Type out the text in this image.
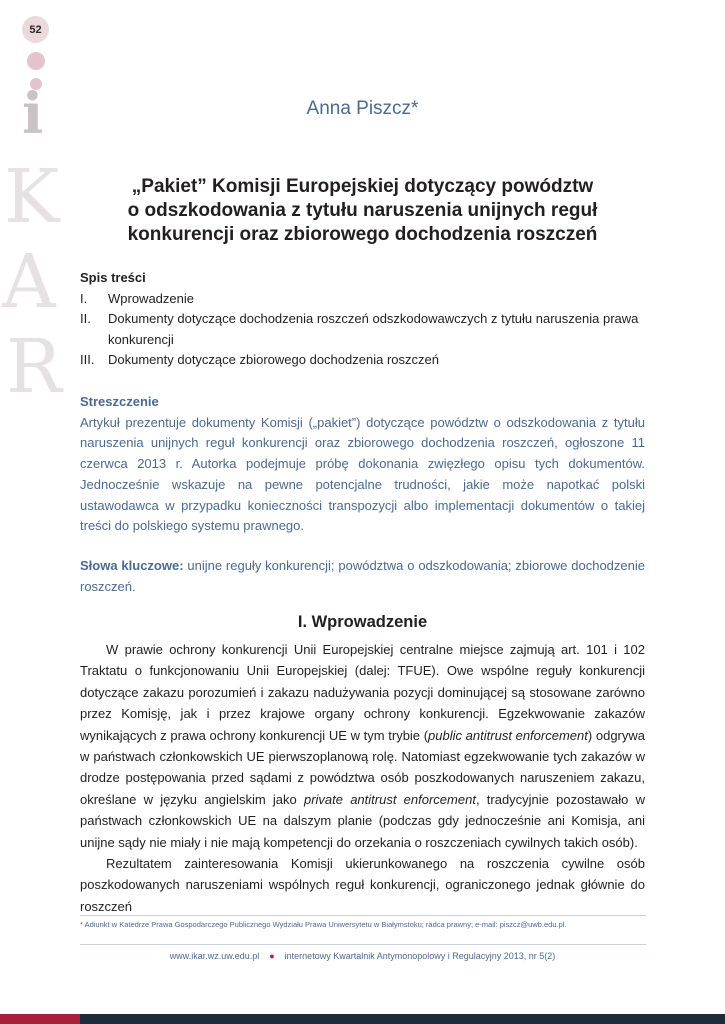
52
i
K
A
R
Anna Piszcz*
„Pakiet” Komisji Europejskiej dotyczący powództw
o odszkodowania z tytułu naruszenia unijnych reguł
konkurencji oraz zbiorowego dochodzenia roszczeń
Spis treści
I.	Wprowadzenie
II.	Dokumenty dotyczące dochodzenia roszczeń odszkodowawczych z tytułu naruszenia prawa konkurencji
III.	Dokumenty dotyczące zbiorowego dochodzenia roszczeń
Streszczenie
Artykuł prezentuje dokumenty Komisji („pakiet”) dotyczące powództw o odszkodowania z tytułu naruszenia unijnych reguł konkurencji oraz zbiorowego dochodzenia roszczeń, ogłoszone 11 czerwca 2013 r. Autorka podejmuje próbę dokonania zwięzłego opisu tych dokumentów. Jednocześnie wskazuje na pewne potencjalne trudności, jakie może napotkać polski ustawodawca w przypadku konieczności transpozycji albo implementacji dokumentów o takiej treści do polskiego systemu prawnego.
Słowa kluczowe: unijne reguły konkurencji; powództwa o odszkodowania; zbiorowe dochodzenie roszczeń.
I. Wprowadzenie

W prawie ochrony konkurencji Unii Europejskiej centralne miejsce zajmują art. 101 i 102 Traktatu o funkcjonowaniu Unii Europejskiej (dalej: TFUE). Owe wspólne reguły konkurencji dotyczące zakazu porozumień i zakazu nadużywania pozycji dominującej są stosowane zarówno przez Komisję, jak i przez krajowe organy ochrony konkurencji. Egzekwowanie zakazów wynikających z prawa ochrony konkurencji UE w tym trybie (public antitrust enforcement) odgrywa w państwach członkowskich UE pierwszoplanową rolę. Natomiast egzekwowanie tych zakazów w drodze postępowania przed sądami z powództwa osób poszkodowanych naruszeniem zakazu, określane w języku angielskim jako private antitrust enforcement, tradycyjnie pozostawało w państwach członkowskich UE na dalszym planie (podczas gdy jednocześnie ani Komisja, ani unijne sądy nie miały i nie mają kompetencji do orzekania o roszczeniach cywilnych takich osób).

Rezultatem zainteresowania Komisji ukierunkowanego na roszczenia cywilne osób poszkodowanych naruszeniami wspólnych reguł konkurencji, ograniczonego jednak głównie do roszczeń

* Adiunkt w Katedrze Prawa Gospodarczego Publicznego Wydziału Prawa Uniwersytetu w Białymstoku; radca prawny; e-mail: piszcz@uwb.edu.pl.
www.ikar.wz.uw.edu.pl ● internetowy Kwartalnik Antymonopolowy i Regulacyjny 2013, nr 5(2)
